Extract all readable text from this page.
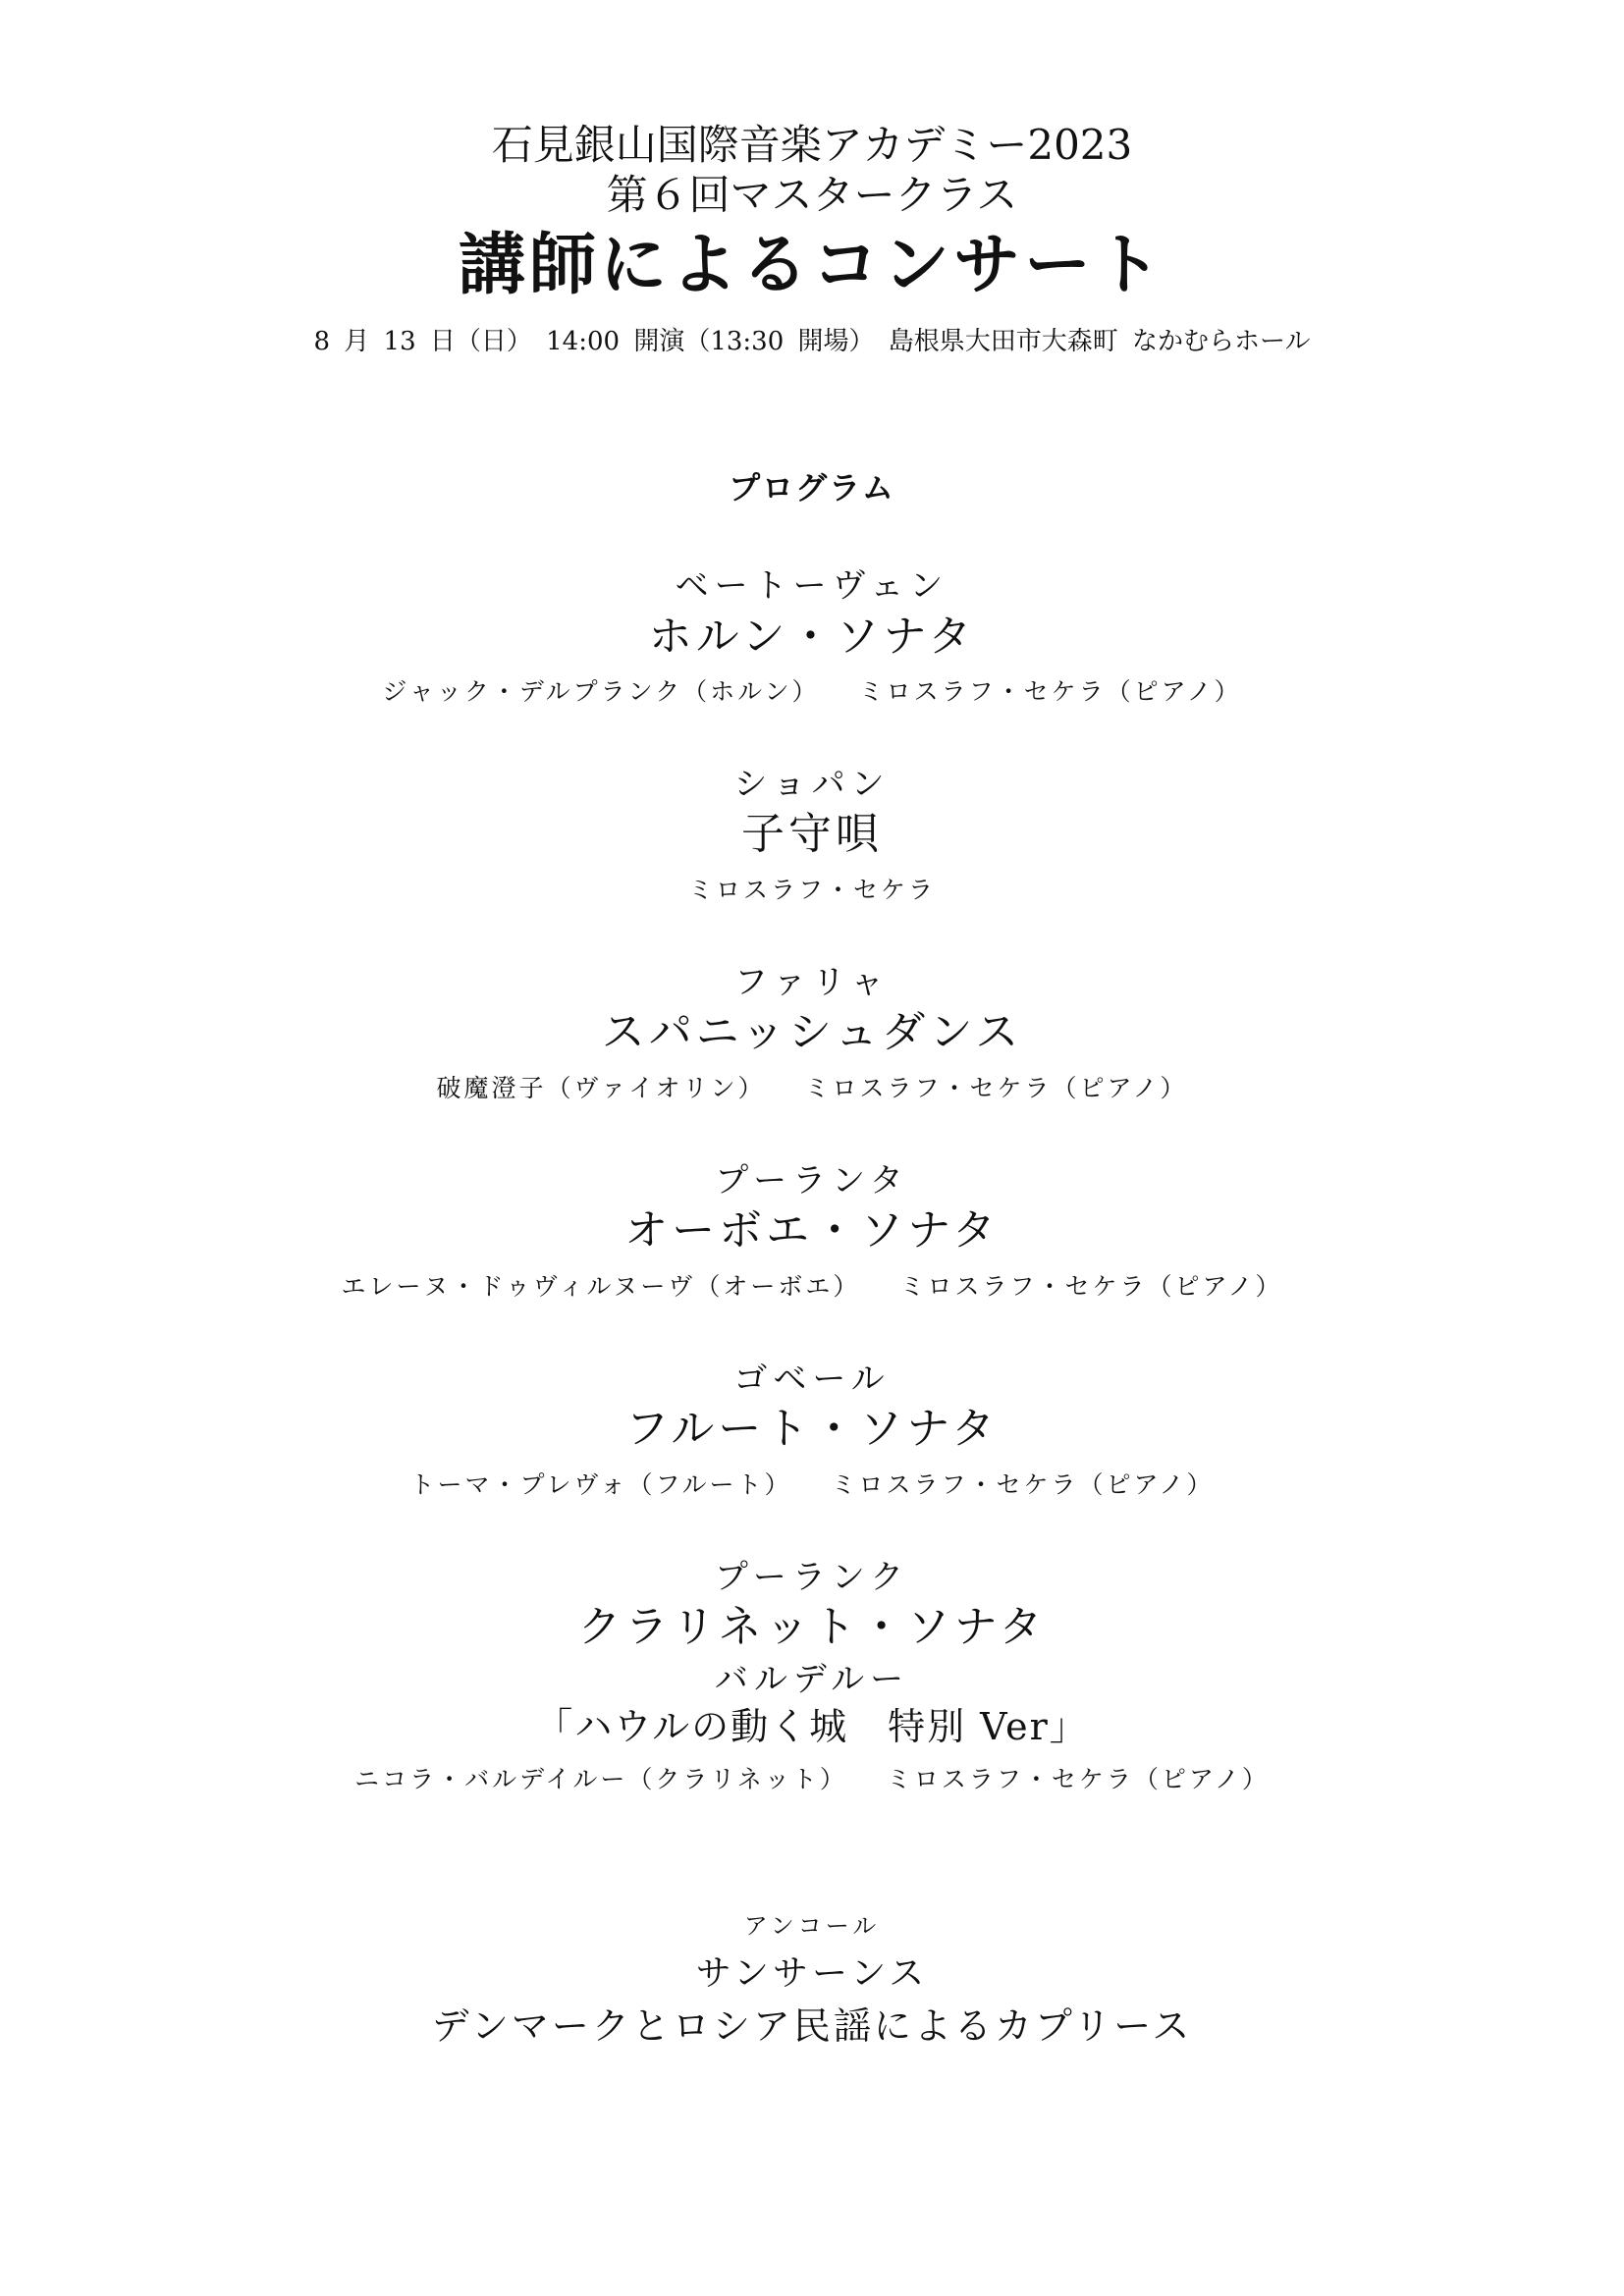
石見銀山国際音楽アカデミー2023
第６回マスタークラス
講師によるコンサート
8 月 13 日（日） 14:00 開演（13:30 開場） 島根県大田市大森町 なかむらホール
プログラム
ベートーヴェン
ホルン・ソナタ
ジャック・デルプランク（ホルン） ミロスラフ・セケラ（ピアノ）
ショパン
子守唄
ミロスラフ・セケラ
ファリャ
スパニッシュダンス
破魔澄子（ヴァイオリン） ミロスラフ・セケラ（ピアノ）
プーランタ
オーボエ・ソナタ
エレーヌ・ドゥヴィルヌーヴ（オーボエ） ミロスラフ・セケラ（ピアノ）
ゴベール
フルート・ソナタ
トーマ・プレヴォ（フルート） ミロスラフ・セケラ（ピアノ）
プーランク
クラリネット・ソナタ
バルデルー
「ハウルの動く城　特別 Ver」
ニコラ・バルデイルー（クラリネット） ミロスラフ・セケラ（ピアノ）
アンコール
サンサーンス
デンマークとロシア民謡によるカプリース
